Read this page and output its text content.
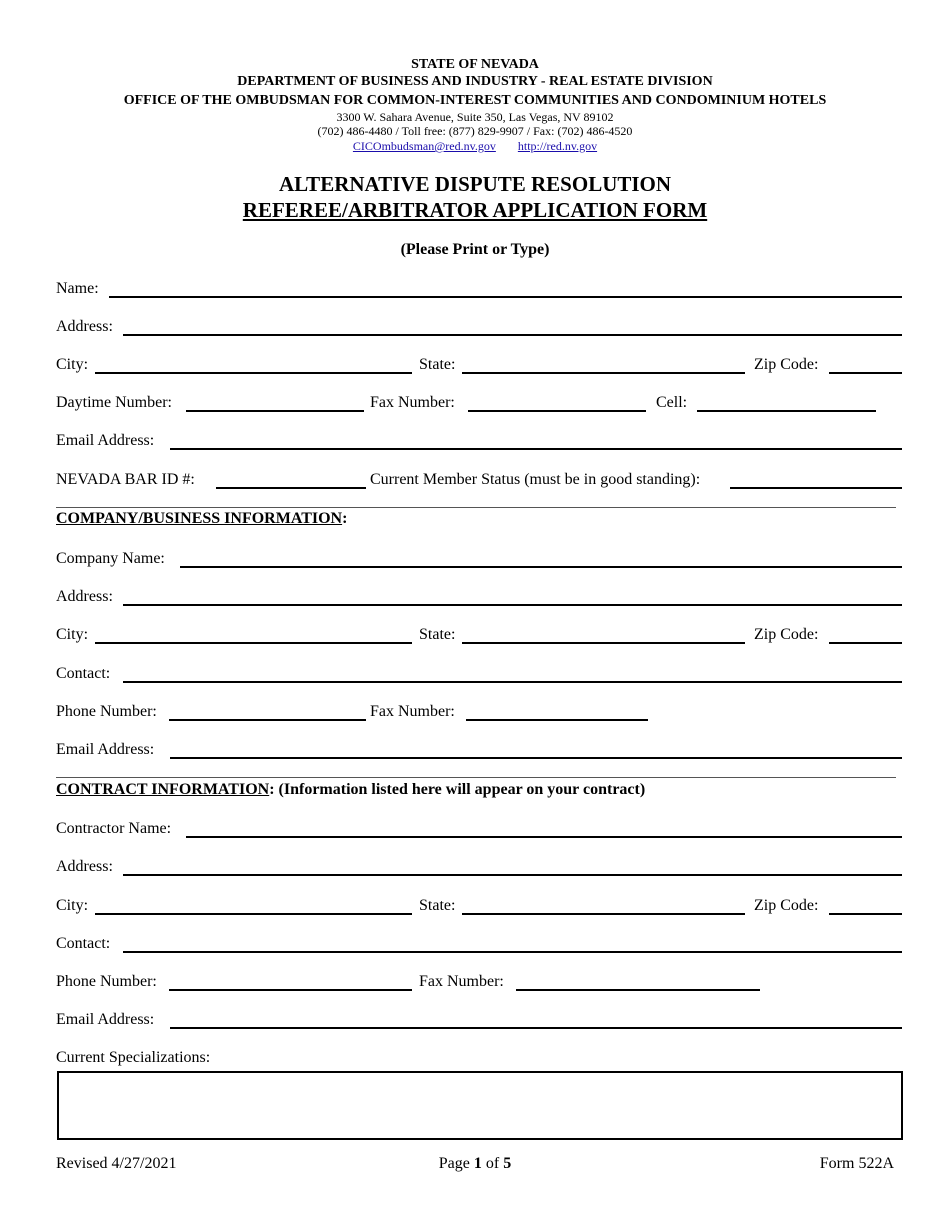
STATE OF NEVADA
DEPARTMENT OF BUSINESS AND INDUSTRY - REAL ESTATE DIVISION
OFFICE OF THE OMBUDSMAN FOR COMMON-INTEREST COMMUNITIES AND CONDOMINIUM HOTELS
3300 W. Sahara Avenue, Suite 350, Las Vegas, NV 89102
(702) 486-4480 / Toll free: (877) 829-9907 / Fax: (702) 486-4520
CICOmbudsman@red.nv.gov http://red.nv.gov
ALTERNATIVE DISPUTE RESOLUTION
REFEREE/ARBITRATOR APPLICATION FORM
(Please Print or Type)
Name:
Address:
City:	State:	Zip Code:
Daytime Number:	Fax Number:	Cell:
Email Address:
NEVADA BAR ID #:	Current Member Status (must be in good standing):
COMPANY/BUSINESS INFORMATION:
Company Name:
Address:
City:	State:	Zip Code:
Contact:
Phone Number:	Fax Number:
Email Address:
CONTRACT INFORMATION: (Information listed here will appear on your contract)
Contractor Name:
Address:
City:	State:	Zip Code:
Contact:
Phone Number:	Fax Number:
Email Address:
Current Specializations:
Revised 4/27/2021	Page 1 of 5	Form 522A
